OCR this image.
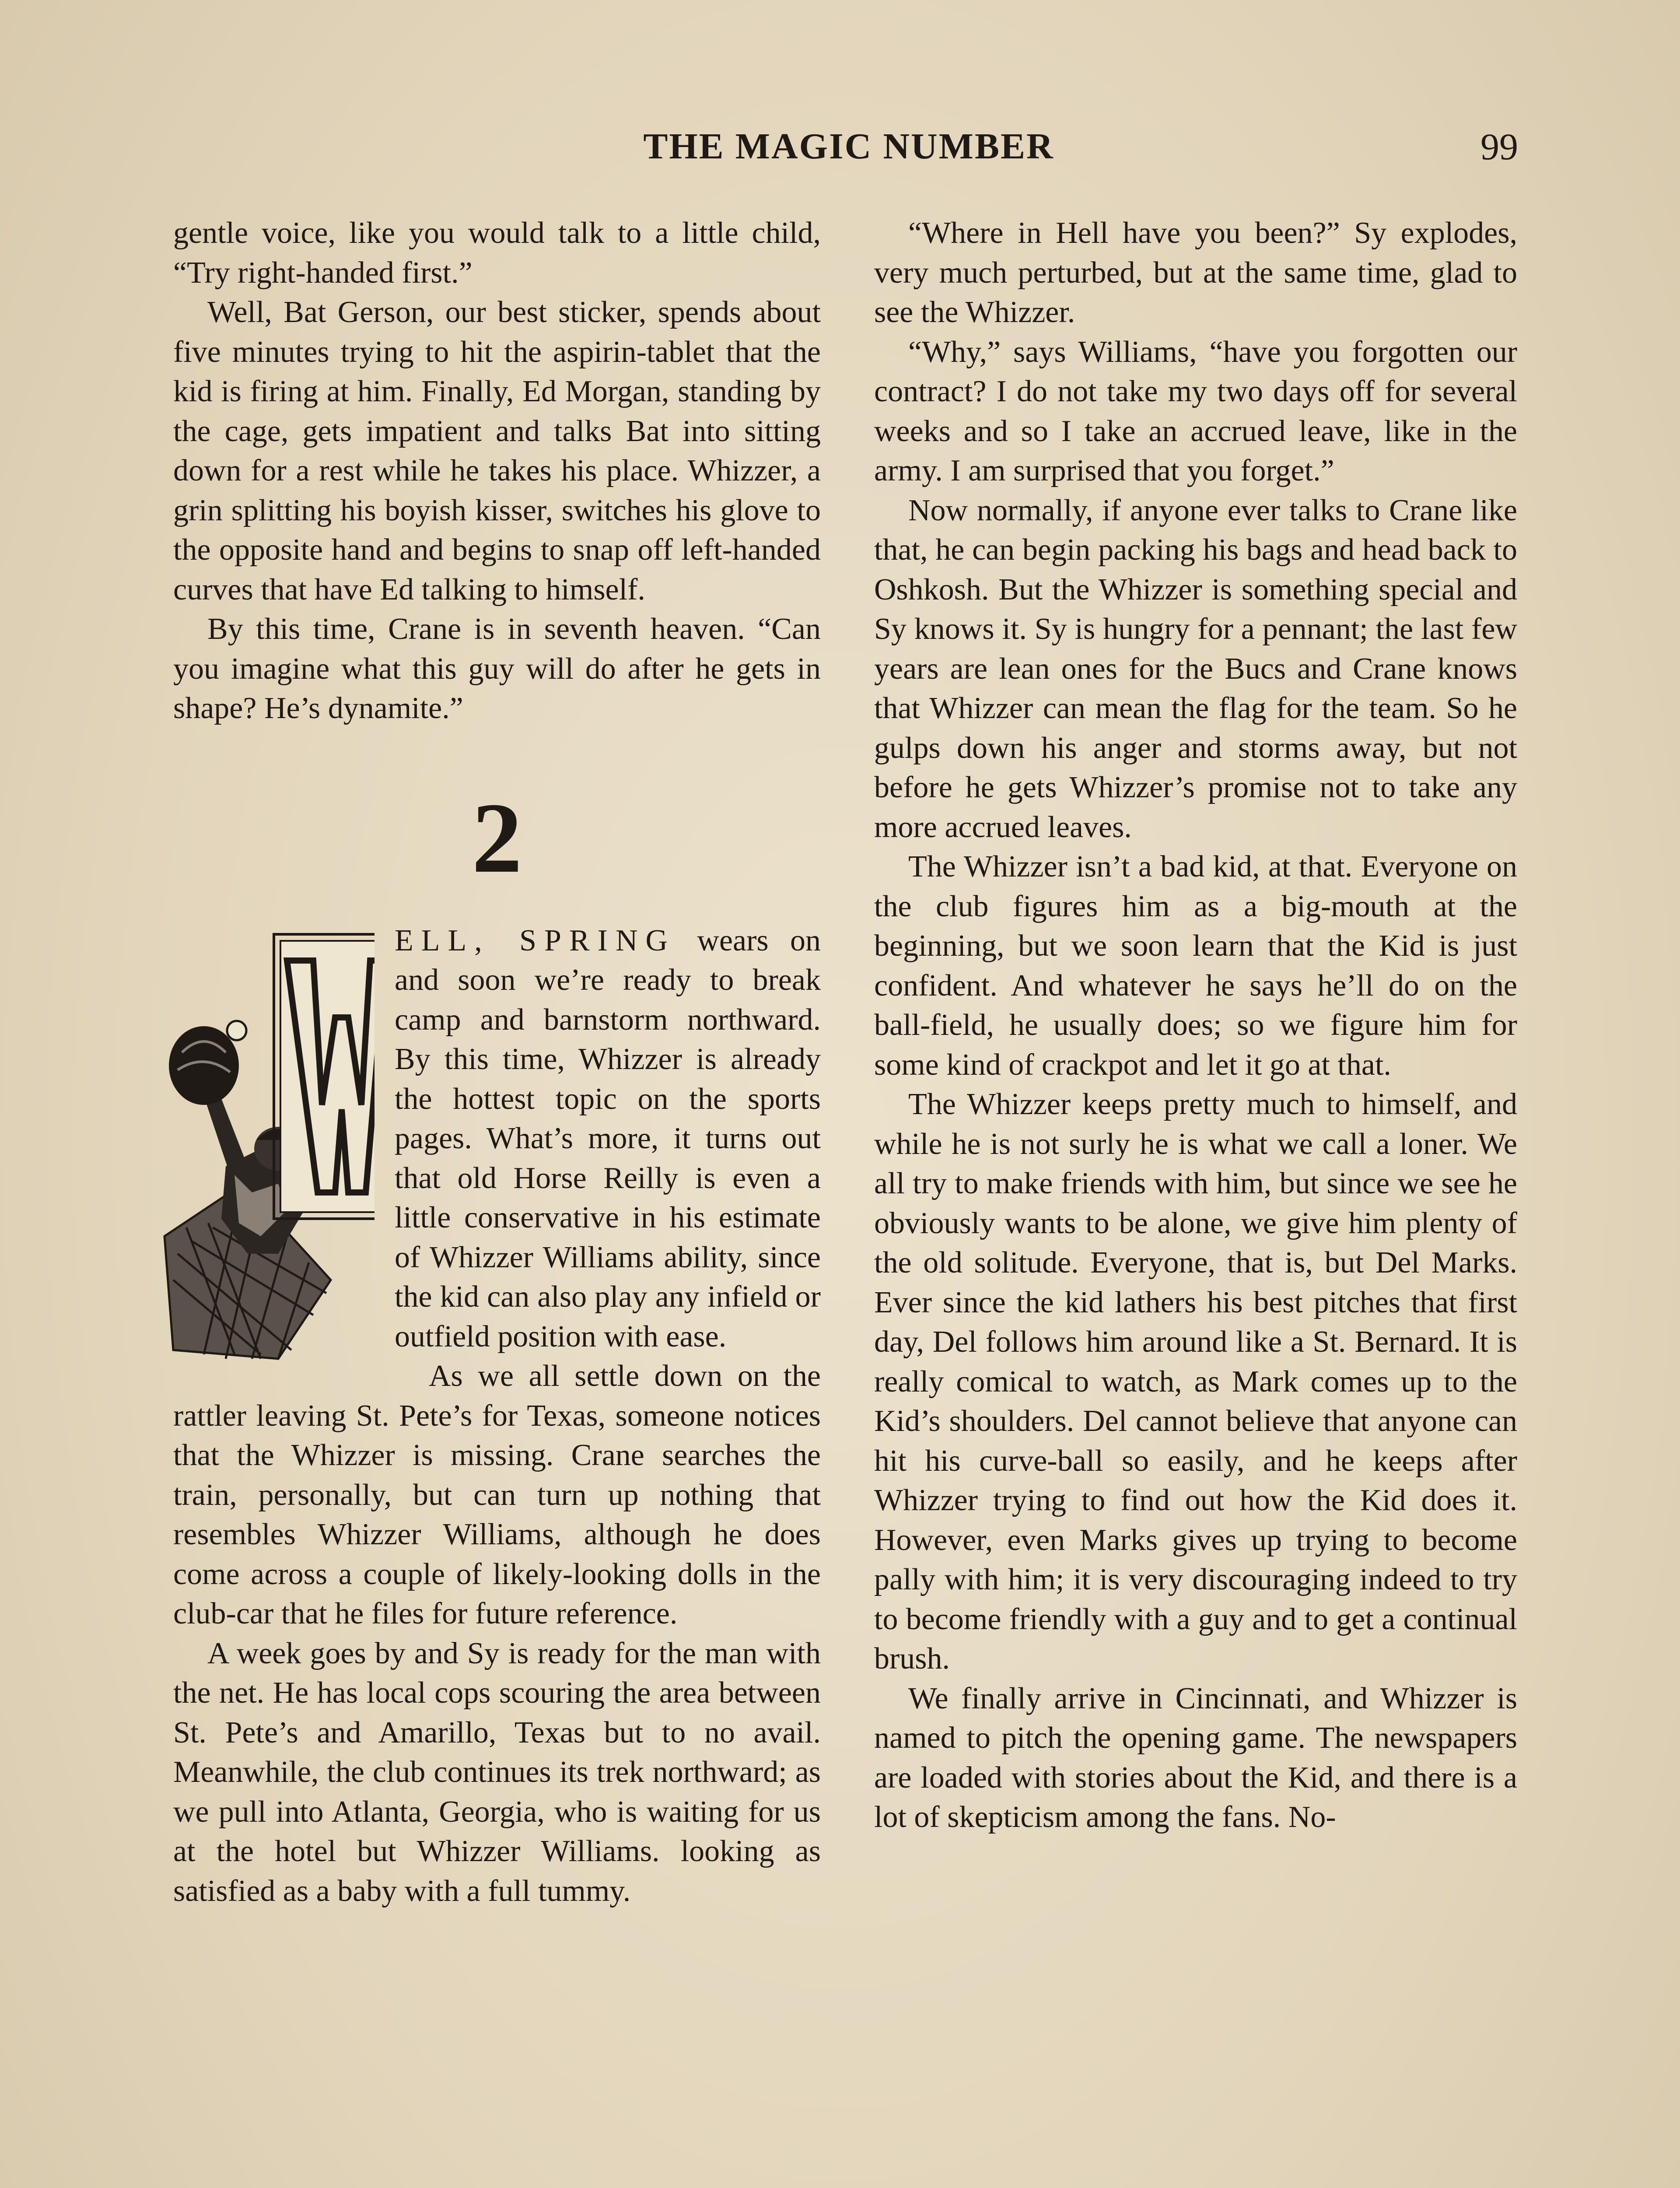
THE MAGIC NUMBER	99

gentle voice, like you would talk to a little child, “Try right-handed first.”

Well, Bat Gerson, our best sticker, spends about five minutes trying to hit the aspirin-tablet that the kid is firing at him. Finally, Ed Morgan, standing by the cage, gets impatient and talks Bat into sitting down for a rest while he takes his place. Whizzer, a grin splitting his boyish kisser, switches his glove to the opposite hand and begins to snap off left-handed curves that have Ed talking to himself.

By this time, Crane is in seventh heaven. “Can you imagine what this guy will do after he gets in shape? He’s dynamite.”

2

ELL, SPRING wears on and soon we’re ready to break camp and barnstorm northward. By this time, Whizzer is already the hottest topic on the sports pages. What’s more, it turns out that old Horse Reilly is even a little conservative in his estimate of Whizzer Williams ability, since the kid can also play any infield or outfield position with ease.

As we all settle down on the rattler leaving St. Pete’s for Texas, someone notices that the Whizzer is missing. Crane searches the train, personally, but can turn up nothing that resembles Whizzer Williams, although he does come across a couple of likely-looking dolls in the club-car that he files for future reference.

A week goes by and Sy is ready for the man with the net. He has local cops scouring the area between St. Pete’s and Amarillo, Texas but to no avail. Meanwhile, the club continues its trek northward; as we pull into Atlanta, Georgia, who is waiting for us at the hotel but Whizzer Williams. looking as satisfied as a baby with a full tummy.

“Where in Hell have you been?” Sy explodes, very much perturbed, but at the same time, glad to see the Whizzer.

“Why,” says Williams, “have you forgotten our contract? I do not take my two days off for several weeks and so I take an accrued leave, like in the army. I am surprised that you forget.”

Now normally, if anyone ever talks to Crane like that, he can begin packing his bags and head back to Oshkosh. But the Whizzer is something special and Sy knows it. Sy is hungry for a pennant; the last few years are lean ones for the Bucs and Crane knows that Whizzer can mean the flag for the team. So he gulps down his anger and storms away, but not before he gets Whizzer’s promise not to take any more accrued leaves.

The Whizzer isn’t a bad kid, at that. Everyone on the club figures him as a big-mouth at the beginning, but we soon learn that the Kid is just confident. And whatever he says he’ll do on the ball-field, he usually does; so we figure him for some kind of crackpot and let it go at that.

The Whizzer keeps pretty much to himself, and while he is not surly he is what we call a loner. We all try to make friends with him, but since we see he obviously wants to be alone, we give him plenty of the old solitude. Everyone, that is, but Del Marks. Ever since the kid lathers his best pitches that first day, Del follows him around like a St. Bernard. It is really comical to watch, as Mark comes up to the Kid’s shoulders. Del cannot believe that anyone can hit his curve-ball so easily, and he keeps after Whizzer trying to find out how the Kid does it. However, even Marks gives up trying to become pally with him; it is very discouraging indeed to try to become friendly with a guy and to get a continual brush.

We finally arrive in Cincinnati, and Whizzer is named to pitch the opening game. The newspapers are loaded with stories about the Kid, and there is a lot of skepticism among the fans. No-
